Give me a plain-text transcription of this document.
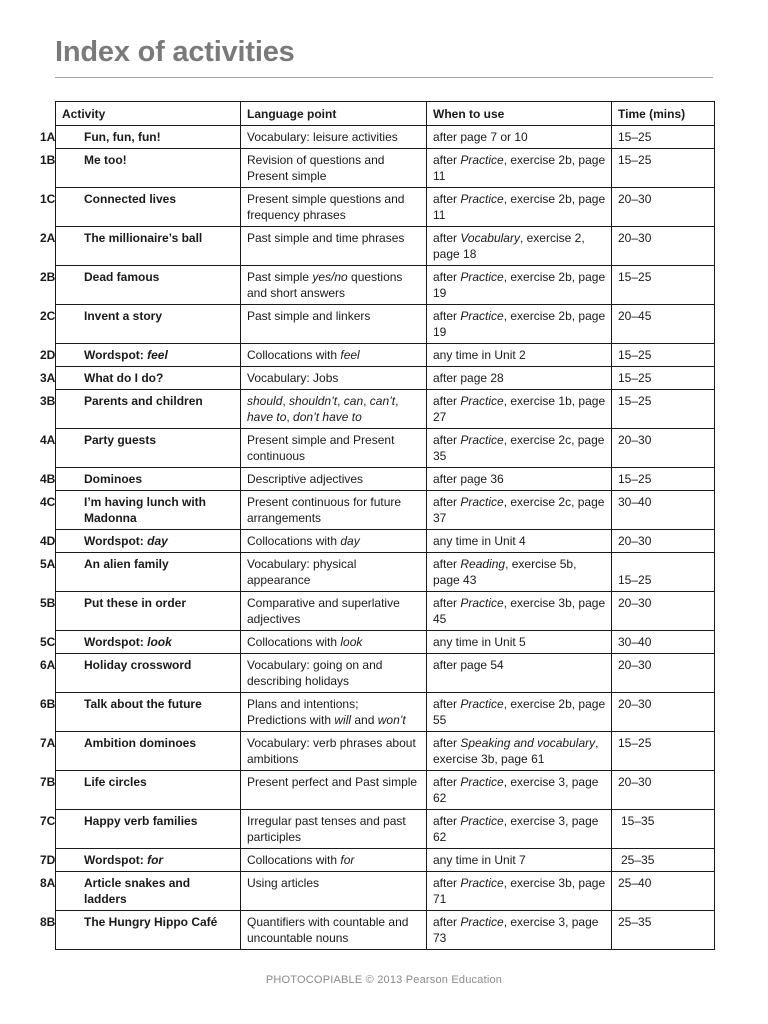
Index of activities
Activity	Language point	When to use	Time (mins)
1A Fun, fun, fun!	Vocabulary: leisure activities	after page 7 or 10	15–25
1B Me too!	Revision of questions and Present simple	after Practice, exercise 2b, page 11	15–25
1C Connected lives	Present simple questions and frequency phrases	after Practice, exercise 2b, page 11	20–30
2A The millionaire’s ball	Past simple and time phrases	after Vocabulary, exercise 2, page 18	20–30
2B Dead famous	Past simple yes/no questions and short answers	after Practice, exercise 2b, page 19	15–25
2C Invent a story	Past simple and linkers	after Practice, exercise 2b, page 19	20–45
2D Wordspot: feel	Collocations with feel	any time in Unit 2	15–25
3A What do I do?	Vocabulary: Jobs	after page 28	15–25
3B Parents and children	should, shouldn’t, can, can’t, have to, don’t have to	after Practice, exercise 1b, page 27	15–25
4A Party guests	Present simple and Present continuous	after Practice, exercise 2c, page 35	20–30
4B Dominoes	Descriptive adjectives	after page 36	15–25
4C I’m having lunch with Madonna	Present continuous for future arrangements	after Practice, exercise 2c, page 37	30–40
4D Wordspot: day	Collocations with day	any time in Unit 4	20–30
5A An alien family	Vocabulary: physical appearance	after Reading, exercise 5b, page 43	15–25
5B Put these in order	Comparative and superlative adjectives	after Practice, exercise 3b, page 45	20–30
5C Wordspot: look	Collocations with look	any time in Unit 5	30–40
6A Holiday crossword	Vocabulary: going on and describing holidays	after page 54	20–30
6B Talk about the future	Plans and intentions; Predictions with will and won’t	after Practice, exercise 2b, page 55	20–30
7A Ambition dominoes	Vocabulary: verb phrases about ambitions	after Speaking and vocabulary, exercise 3b, page 61	15–25
7B Life circles	Present perfect and Past simple	after Practice, exercise 3, page 62	20–30
7C Happy verb families	Irregular past tenses and past participles	after Practice, exercise 3, page 62	15–35
7D Wordspot: for	Collocations with for	any time in Unit 7	25–35
8A Article snakes and ladders	Using articles	after Practice, exercise 3b, page 71	25–40
8B The Hungry Hippo Café	Quantifiers with countable and uncountable nouns	after Practice, exercise 3, page 73	25–35
PHOTOCOPIABLE © 2013 Pearson Education
